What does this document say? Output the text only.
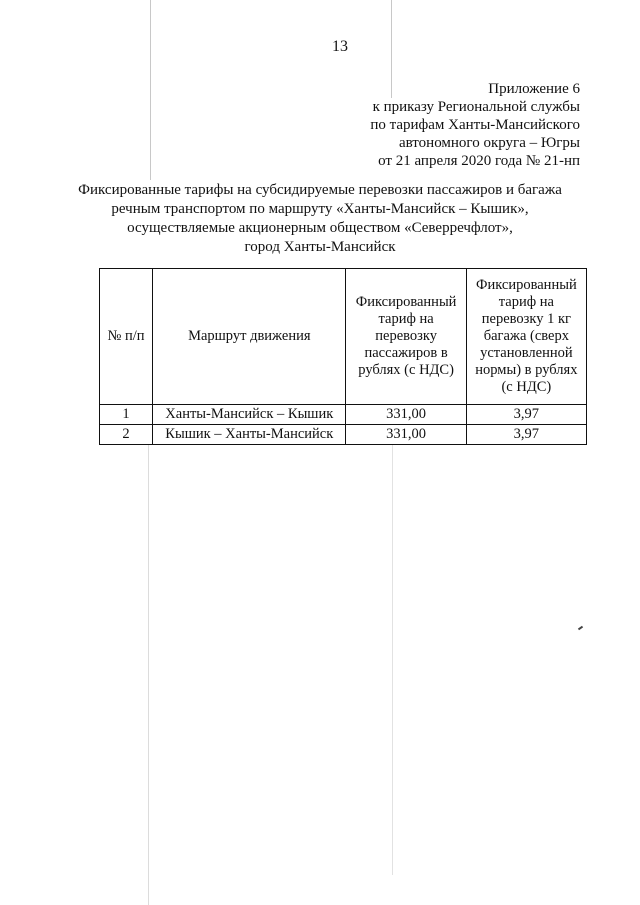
13
Приложение 6
к приказу Региональной службы
по тарифам Ханты-Мансийского
автономного округа – Югры
от 21 апреля 2020 года № 21-нп
Фиксированные тарифы на субсидируемые перевозки пассажиров и багажа
речным транспортом по маршруту «Ханты-Мансийск – Кышик»,
осуществляемые акционерным обществом «Северречфлот»,
город Ханты-Мансийск
№ п/п	Маршрут движения	Фиксированный тариф на перевозку пассажиров в рублях (с НДС)	Фиксированный тариф на перевозку 1 кг багажа (сверх установленной нормы) в рублях (с НДС)
1	Ханты-Мансийск – Кышик	331,00	3,97
2	Кышик – Ханты-Мансийск	331,00	3,97
